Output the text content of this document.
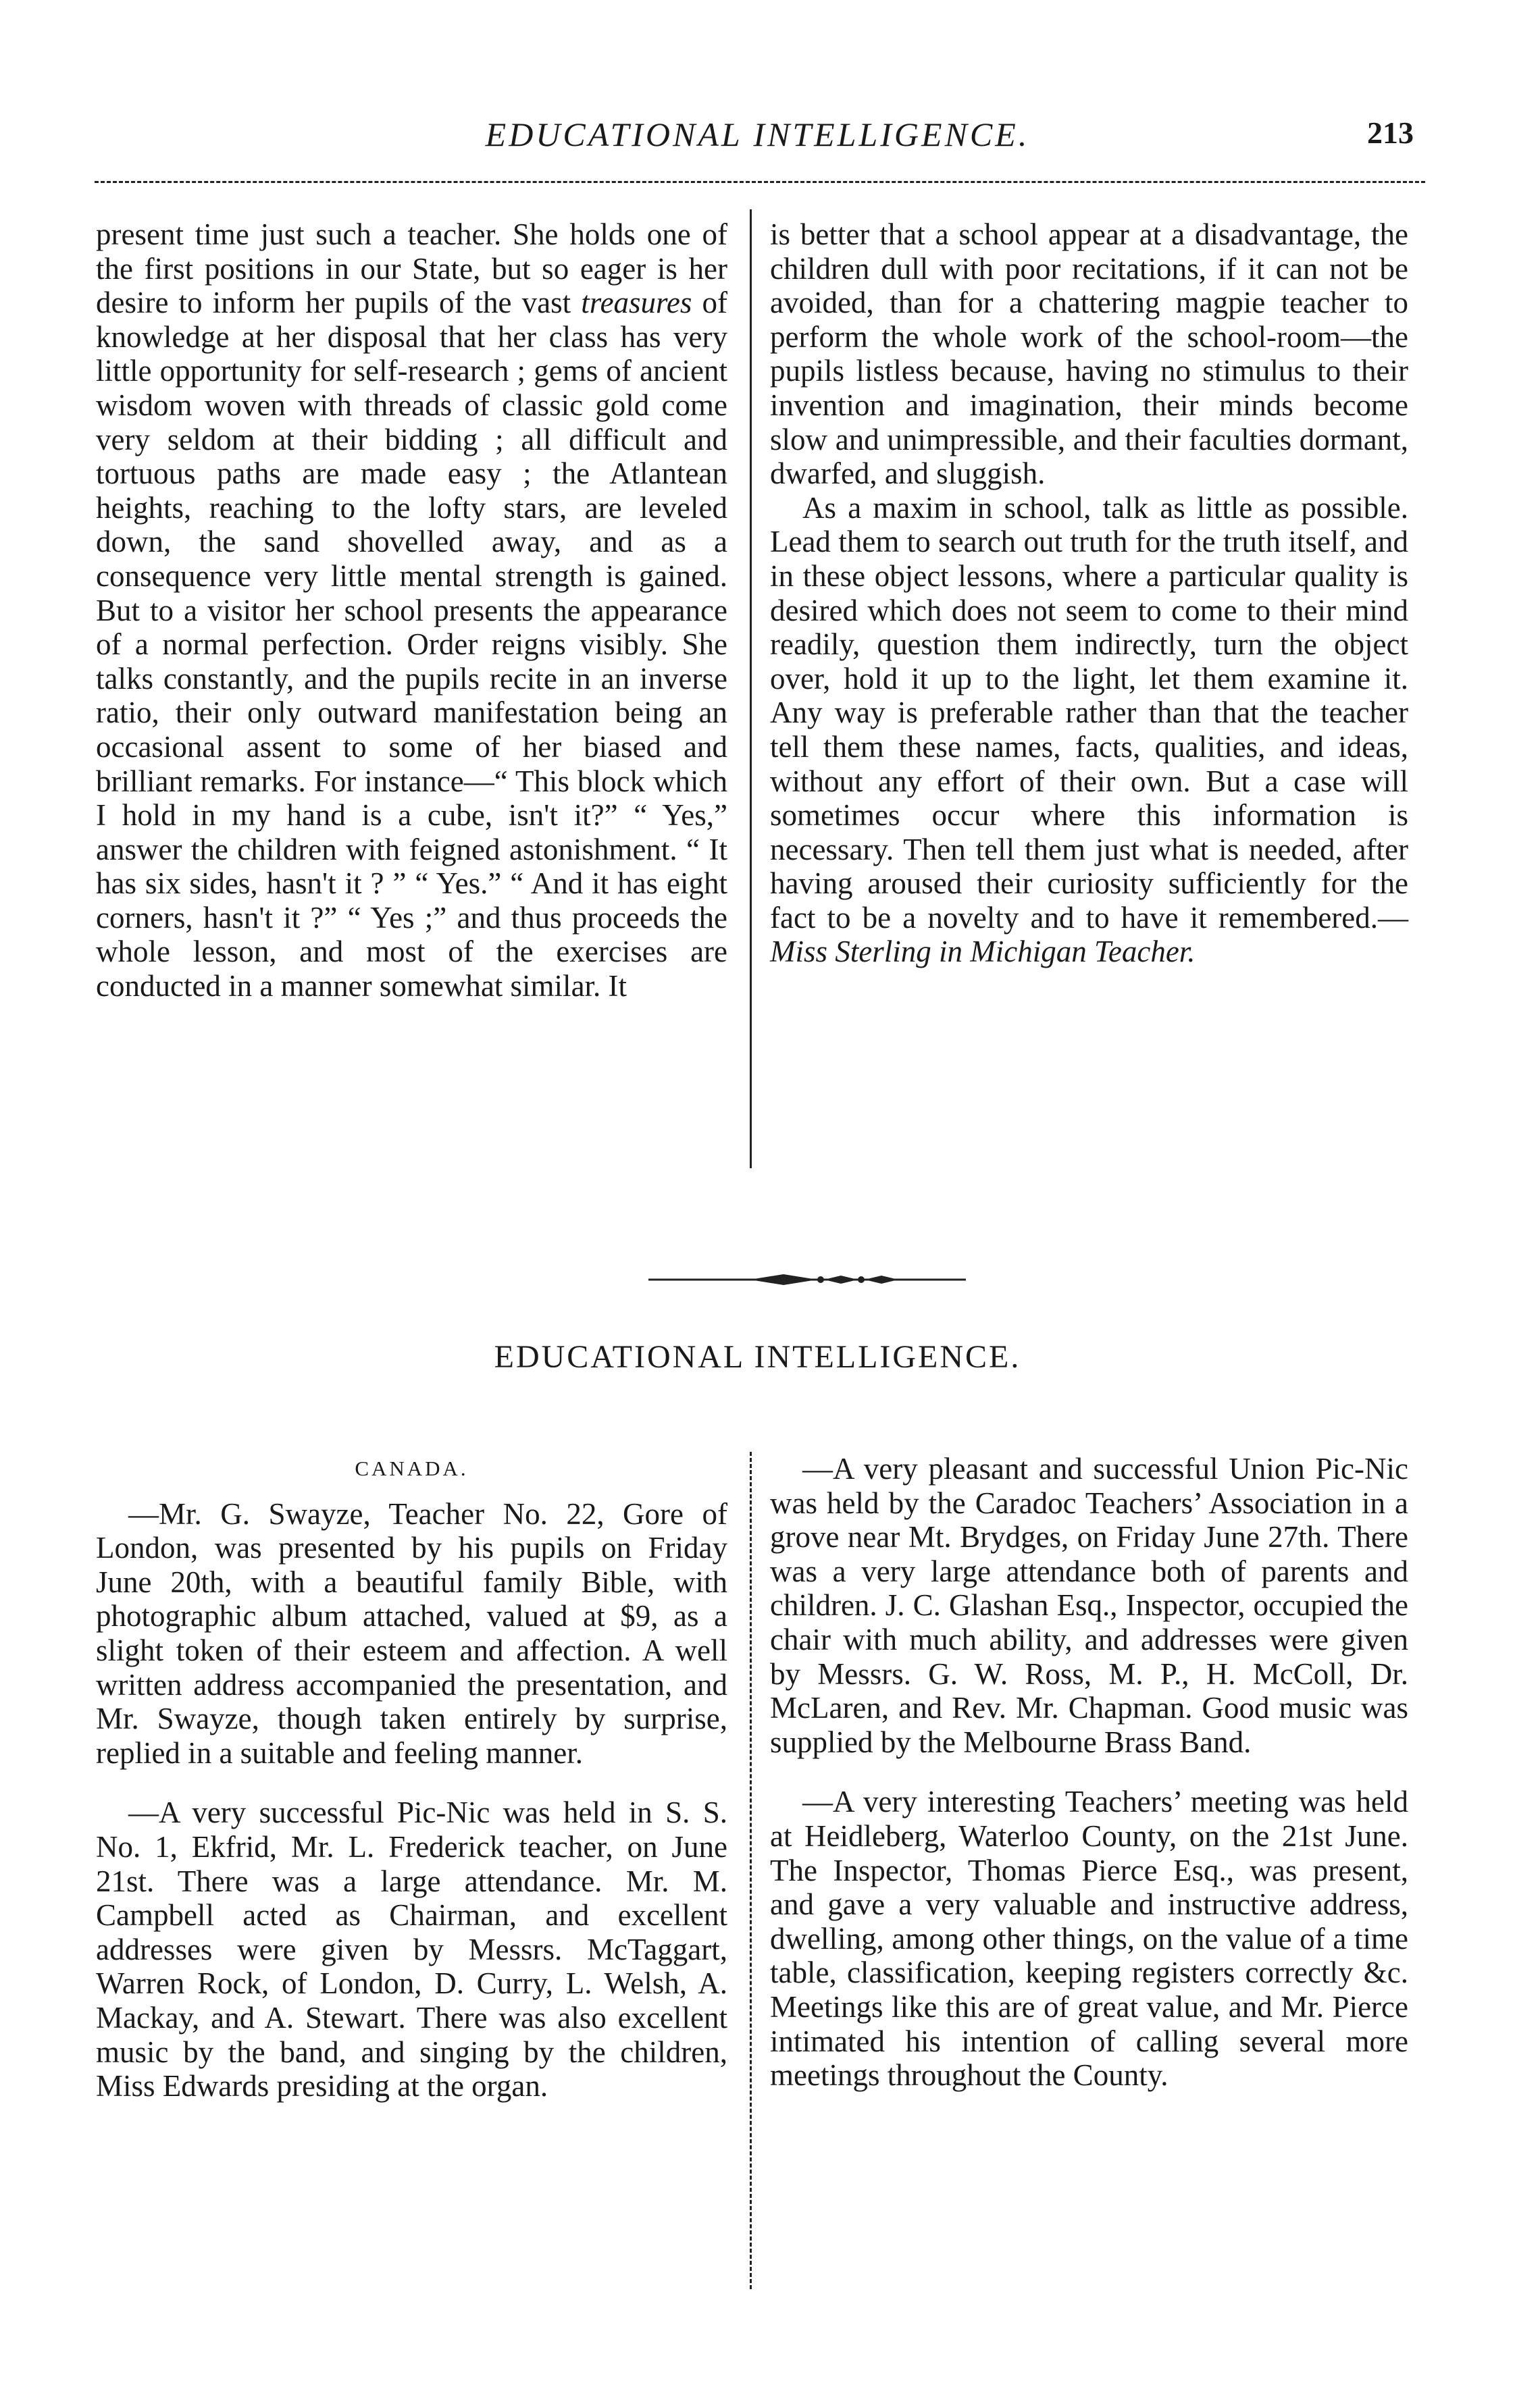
EDUCATIONAL INTELLIGENCE.	213

present time just such a teacher. She holds one of the first positions in our State, but so eager is her desire to inform her pupils of the vast treasures of knowledge at her disposal that her class has very little opportunity for self-research ; gems of ancient wisdom woven with threads of classic gold come very seldom at their bidding ; all difficult and tortuous paths are made easy ; the Atlantean heights, reaching to the lofty stars, are leveled down, the sand shovelled away, and as a consequence very little mental strength is gained. But to a visitor her school presents the appearance of a normal perfection. Order reigns visibly. She talks constantly, and the pupils recite in an inverse ratio, their only outward manifestation being an occasional assent to some of her biased and brilliant remarks. For instance—“ This block which I hold in my hand is a cube, isn't it?” “ Yes,” answer the children with feigned astonishment. “ It has six sides, hasn't it ? ” “ Yes.” “ And it has eight corners, hasn't it ?” “ Yes ;” and thus proceeds the whole lesson, and most of the exercises are conducted in a manner somewhat similar. It

is better that a school appear at a disadvantage, the children dull with poor recitations, if it can not be avoided, than for a chattering magpie teacher to perform the whole work of the school-room—the pupils listless because, having no stimulus to their invention and imagination, their minds become slow and unimpressible, and their faculties dormant, dwarfed, and sluggish.

As a maxim in school, talk as little as possible. Lead them to search out truth for the truth itself, and in these object lessons, where a particular quality is desired which does not seem to come to their mind readily, question them indirectly, turn the object over, hold it up to the light, let them examine it. Any way is preferable rather than that the teacher tell them these names, facts, qualities, and ideas, without any effort of their own. But a case will sometimes occur where this information is necessary. Then tell them just what is needed, after having aroused their curiosity sufficiently for the fact to be a novelty and to have it remembered.—Miss Sterling in Michigan Teacher.

EDUCATIONAL INTELLIGENCE.
CANADA.

—Mr. G. Swayze, Teacher No. 22, Gore of London, was presented by his pupils on Friday June 20th, with a beautiful family Bible, with photographic album attached, valued at $9, as a slight token of their esteem and affection. A well written address accompanied the presentation, and Mr. Swayze, though taken entirely by surprise, replied in a suitable and feeling manner.

—A very successful Pic-Nic was held in S. S. No. 1, Ekfrid, Mr. L. Frederick teacher, on June 21st. There was a large attendance. Mr. M. Campbell acted as Chairman, and excellent addresses were given by Messrs. McTaggart, Warren Rock, of London, D. Curry, L. Welsh, A. Mackay, and A. Stewart. There was also excellent music by the band, and singing by the children, Miss Edwards presiding at the organ.

—A very pleasant and successful Union Pic-Nic was held by the Caradoc Teachers’ Association in a grove near Mt. Brydges, on Friday June 27th. There was a very large attendance both of parents and children. J. C. Glashan Esq., Inspector, occupied the chair with much ability, and addresses were given by Messrs. G. W. Ross, M. P., H. McColl, Dr. McLaren, and Rev. Mr. Chapman. Good music was supplied by the Melbourne Brass Band.

—A very interesting Teachers’ meeting was held at Heidleberg, Waterloo County, on the 21st June. The Inspector, Thomas Pierce Esq., was present, and gave a very valuable and instructive address, dwelling, among other things, on the value of a time table, classification, keeping registers correctly &c. Meetings like this are of great value, and Mr. Pierce intimated his intention of calling several more meetings throughout the County.
